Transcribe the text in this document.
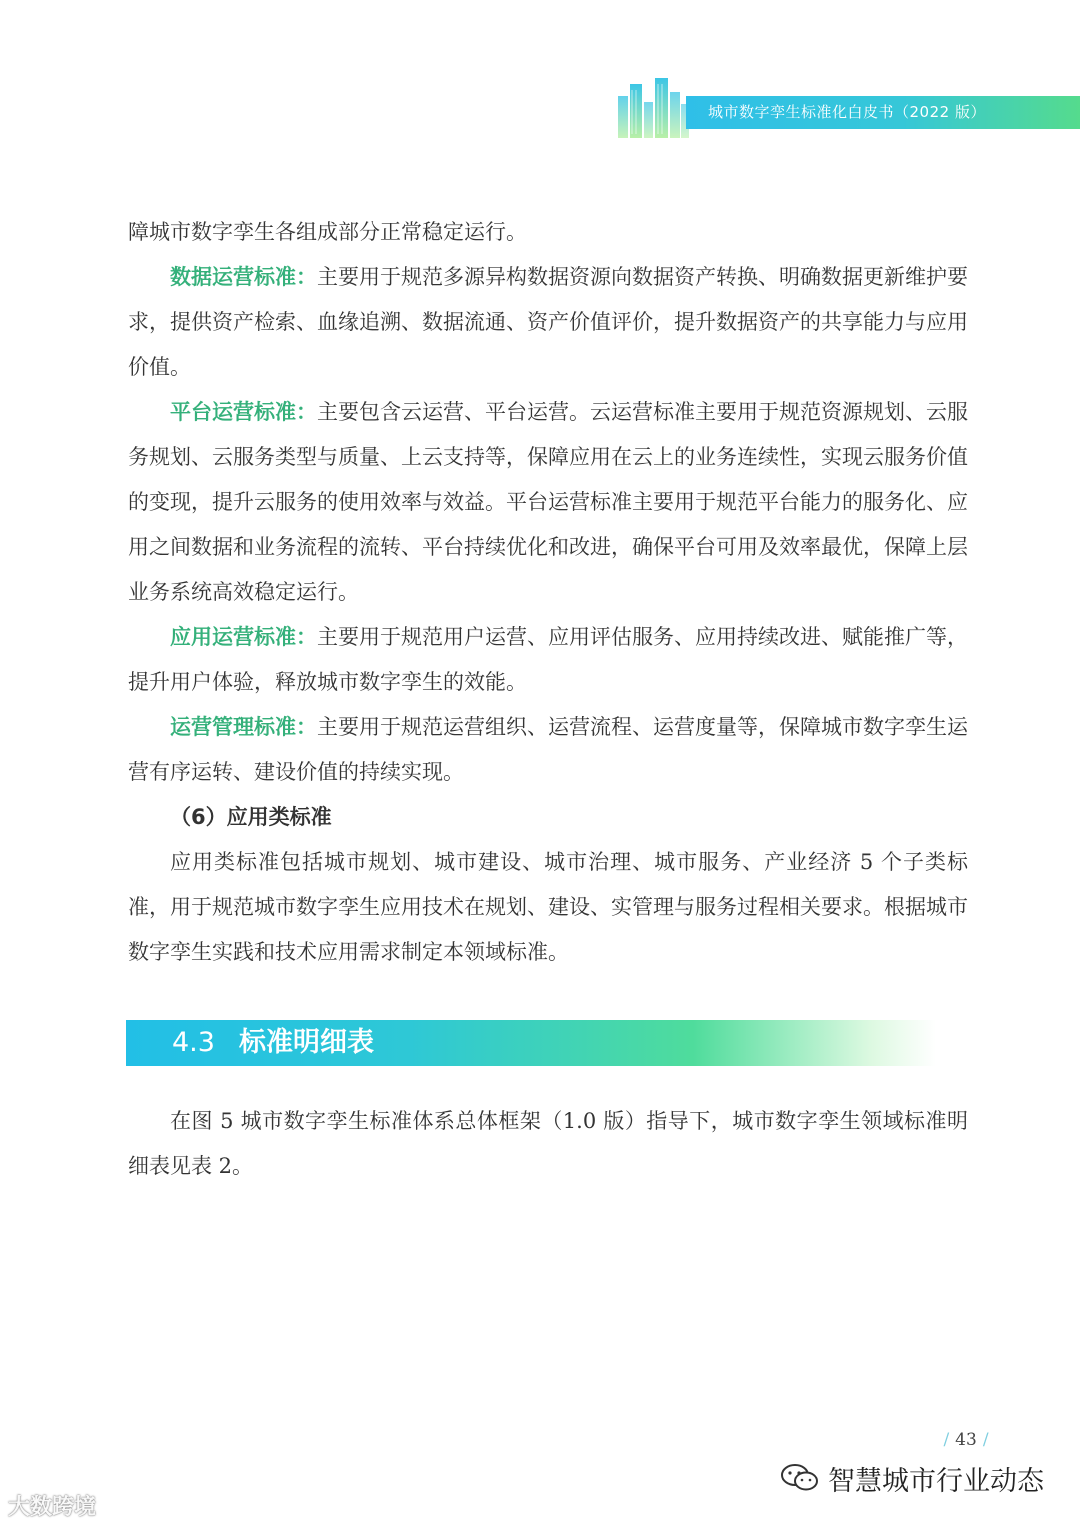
城市数字孪生标准化白皮书（2022 版）

障城市数字孪生各组成部分正常稳定运行。

数据运营标准：主要用于规范多源异构数据资源向数据资产转换、明确数据更新维护要求，提供资产检索、血缘追溯、数据流通、资产价值评价，提升数据资产的共享能力与应用价值。

平台运营标准：主要包含云运营、平台运营。云运营标准主要用于规范资源规划、云服务规划、云服务类型与质量、上云支持等，保障应用在云上的业务连续性，实现云服务价值的变现，提升云服务的使用效率与效益。平台运营标准主要用于规范平台能力的服务化、应用之间数据和业务流程的流转、平台持续优化和改进，确保平台可用及效率最优，保障上层业务系统高效稳定运行。

应用运营标准：主要用于规范用户运营、应用评估服务、应用持续改进、赋能推广等，提升用户体验，释放城市数字孪生的效能。

运营管理标准：主要用于规范运营组织、运营流程、运营度量等，保障城市数字孪生运营有序运转、建设价值的持续实现。

（6）应用类标准

应用类标准包括城市规划、城市建设、城市治理、城市服务、产业经济 5 个子类标准，用于规范城市数字孪生应用技术在规划、建设、实管理与服务过程相关要求。根据城市数字孪生实践和技术应用需求制定本领域标准。

4.3 标准明细表

在图 5 城市数字孪生标准体系总体框架（1.0 版）指导下，城市数字孪生领域标准明细表见表 2。

/ 43 /
大数跨境
智慧城市行业动态
